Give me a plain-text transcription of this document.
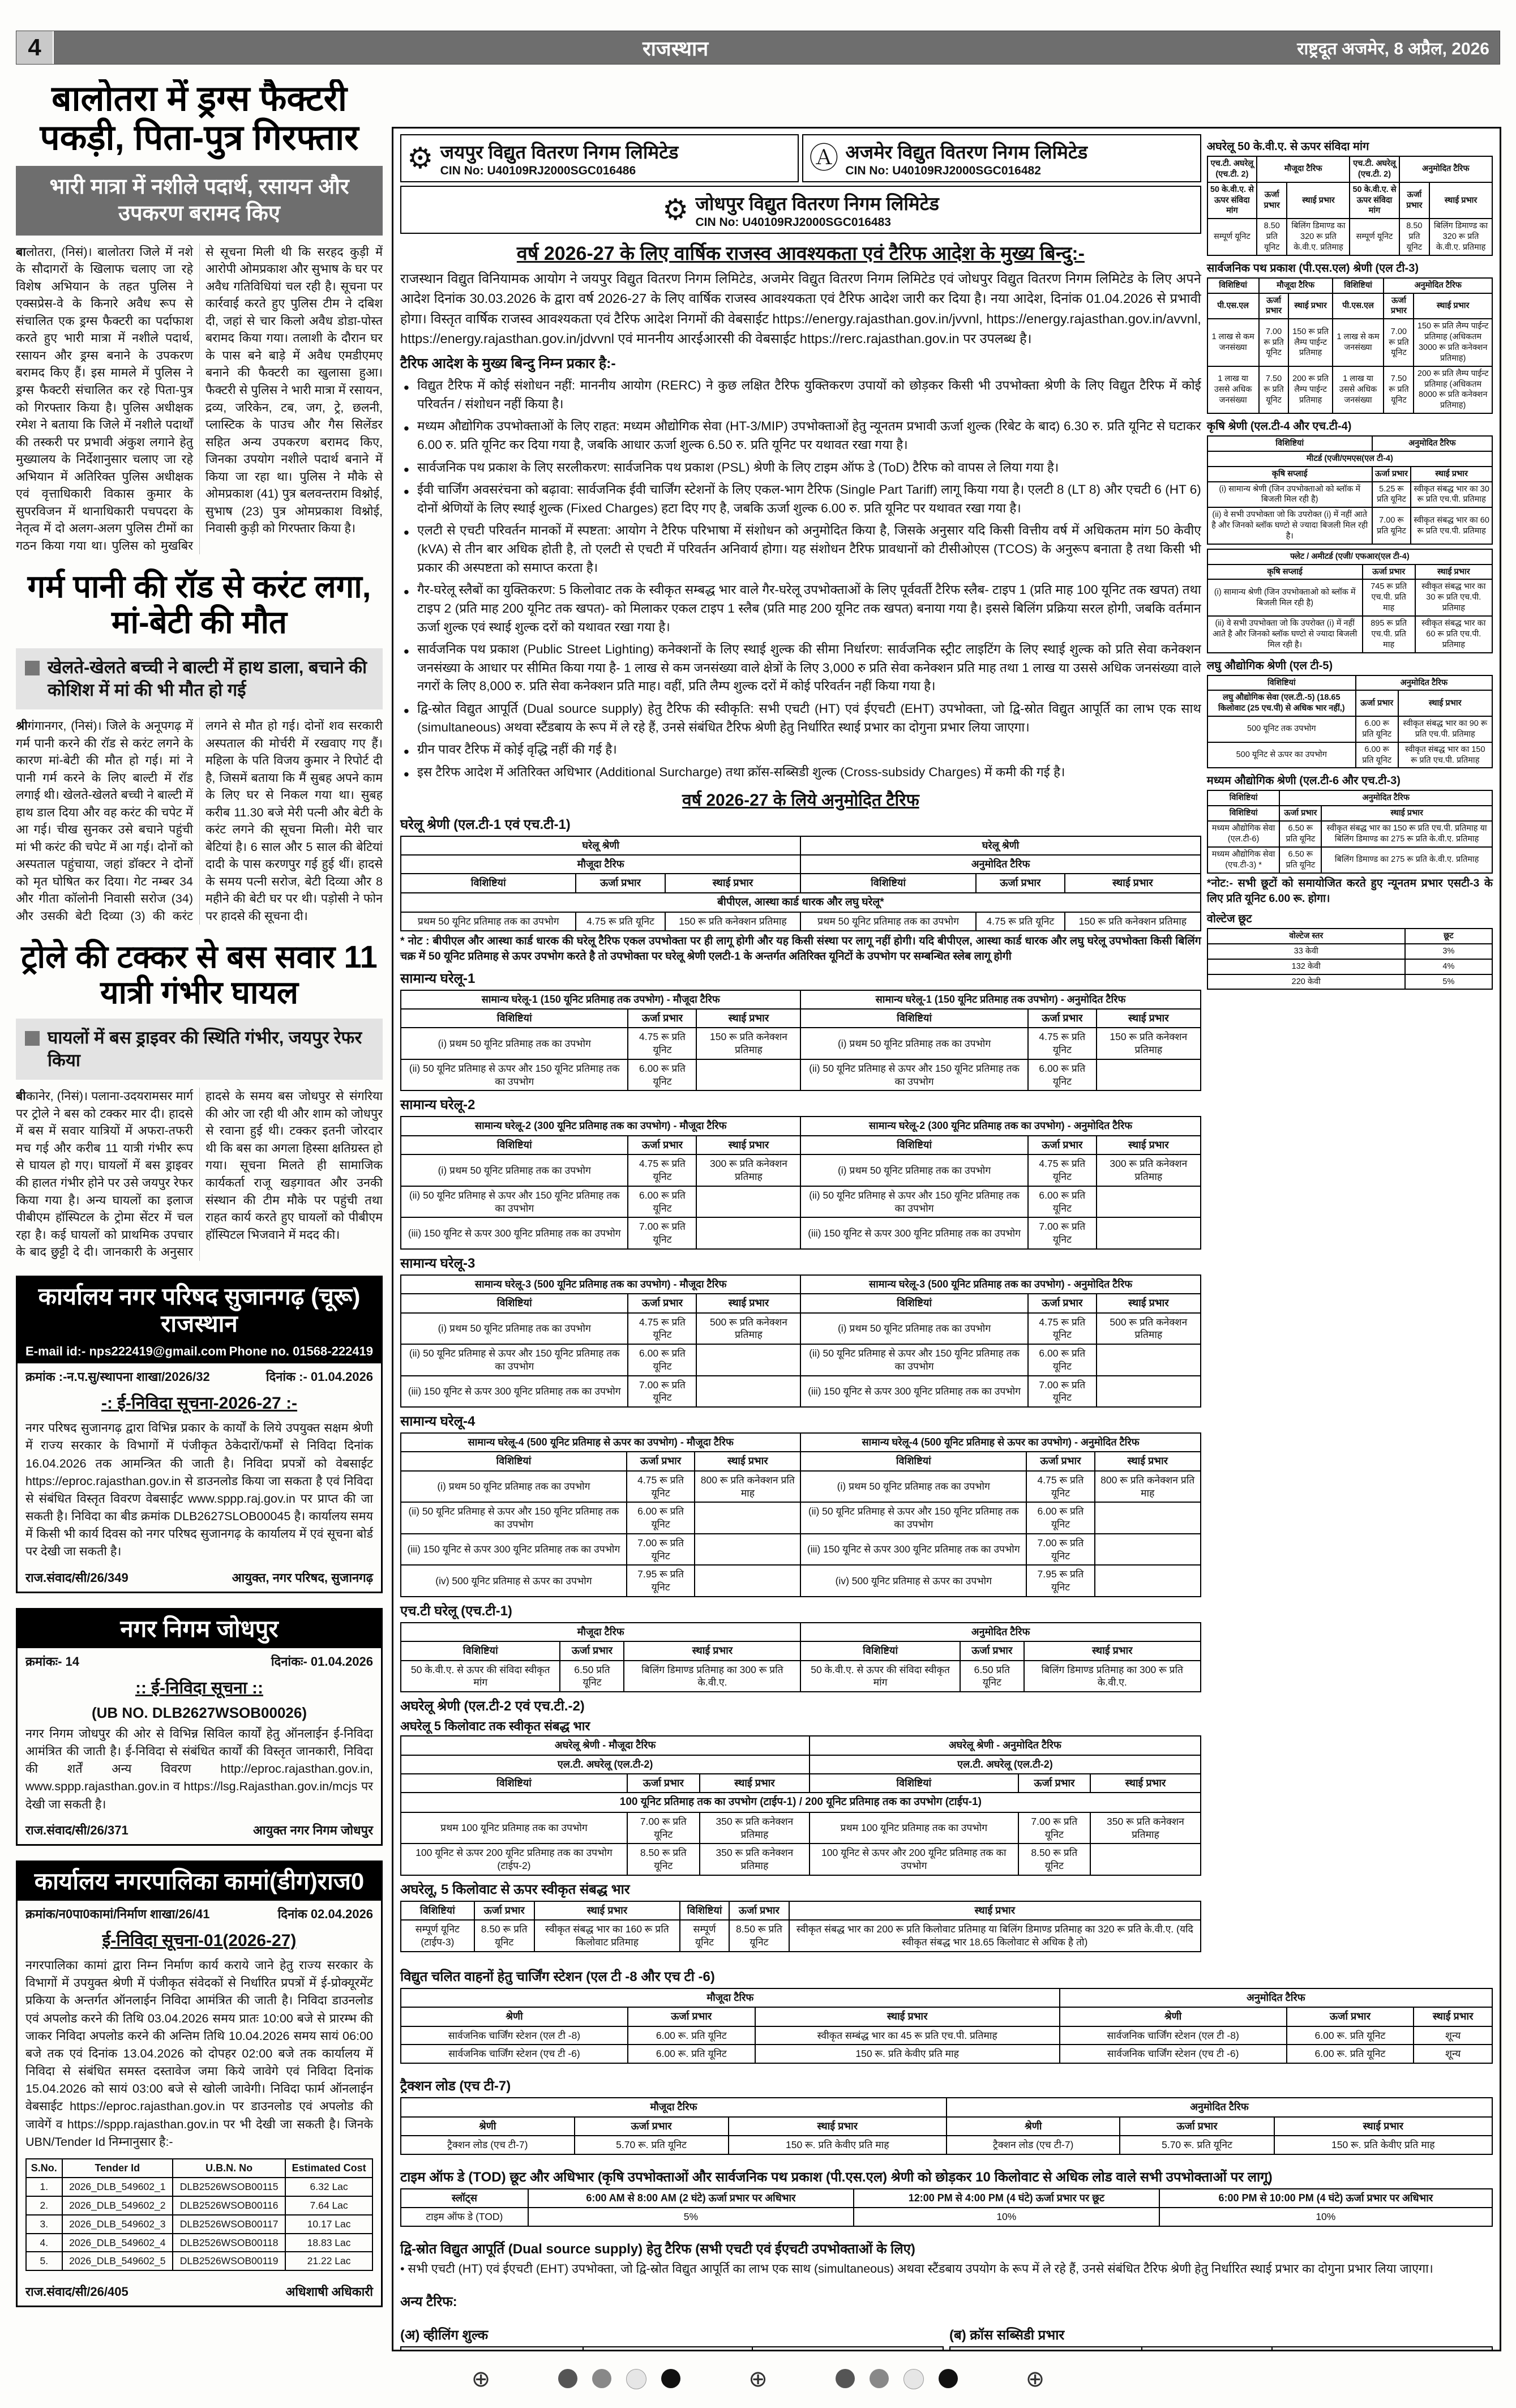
4	राजस्थान	राष्ट्रदूत अजमेर, 8 अप्रैल, 2026
बालोतरा में ड्रग्स फैक्टरी पकड़ी, पिता-पुत्र गिरफ्तार
भारी मात्रा में नशीले पदार्थ, रसायन और उपकरण बरामद किए
बालोतरा, (निसं)। बालोतरा जिले में नशे के सौदागरों के खिलाफ चलाए जा रहे विशेष अभियान के तहत पुलिस ने एक्सप्रेस-वे के किनारे अवैध रूप से संचालित एक ड्रग्स फैक्टरी का पर्दाफाश करते हुए भारी मात्रा में नशीले पदार्थ, रसायन और ड्रग्स बनाने के उपकरण बरामद किए हैं। इस मामले में पुलिस ने ड्रग्स फैक्टरी संचालित कर रहे पिता-पुत्र को गिरफ्तार किया है। पुलिस अधीक्षक रमेश ने बताया कि जिले में नशीले पदार्थों की तस्करी पर प्रभावी अंकुश लगाने हेतु मुख्यालय के निर्देशानुसार चलाए जा रहे अभियान में अतिरिक्त पुलिस अधीक्षक एवं वृत्ताधिकारी विकास कुमार के सुपरविजन में थानाधिकारी पचपदरा के नेतृत्व में दो अलग-अलग पुलिस टीमों का गठन किया गया था। पुलिस को मुखबिर से सूचना मिली थी कि सरहद कुड़ी में आरोपी ओमप्रकाश और सुभाष के घर पर अवैध गतिविधियां चल रही है। सूचना पर कार्रवाई करते हुए पुलिस टीम ने दबिश दी, जहां से चार किलो अवैध डोडा-पोस्त बरामद किया गया। तलाशी के दौरान घर के पास बने बाड़े में अवैध एमडीएमए बनाने की फैक्टरी का खुलासा हुआ। फैक्टरी से पुलिस ने भारी मात्रा में रसायन, द्रव्य, जरिकेन, टब, जग, ट्रे, छलनी, प्लास्टिक के पाउच और गैस सिलेंडर सहित अन्य उपकरण बरामद किए, जिनका उपयोग नशीले पदार्थ बनाने में किया जा रहा था। पुलिस ने मौके से ओमप्रकाश (41) पुत्र बलवन्तराम विश्नोई, सुभाष (23) पुत्र ओमप्रकाश विश्नोई, निवासी कुड़ी को गिरफ्तार किया है।
गर्म पानी की रॉड से करंट लगा, मां-बेटी की मौत
खेलते-खेलते बच्ची ने बाल्टी में हाथ डाला, बचाने की कोशिश में मां की भी मौत हो गई
श्रीगंगानगर, (निसं)। जिले के अनूपगढ़ में गर्म पानी करने की रॉड से करंट लगने के कारण मां-बेटी की मौत हो गई। मां ने पानी गर्म करने के लिए बाल्टी में रॉड लगाई थी। खेलते-खेलते बच्ची ने बाल्टी में हाथ डाल दिया और वह करंट की चपेट में आ गई। चीख सुनकर उसे बचाने पहुंची मां भी करंट की चपेट में आ गई। दोनों को अस्पताल पहुंचाया, जहां डॉक्टर ने दोनों को मृत घोषित कर दिया। गेट नम्बर 34 और गीता कॉलोनी निवासी सरोज (34) और उसकी बेटी दिव्या (3) की करंट लगने से मौत हो गई। दोनों शव सरकारी अस्पताल की मोर्चरी में रखवाए गए हैं। महिला के पति विजय कुमार ने रिपोर्ट दी है, जिसमें बताया कि मैं सुबह अपने काम के लिए घर से निकल गया था। सुबह करीब 11.30 बजे मेरी पत्नी और बेटी के करंट लगने की सूचना मिली। मेरी चार बेटियां है। 6 साल और 5 साल की बेटियां दादी के पास करणपुर गई हुई थीं। हादसे के समय पत्नी सरोज, बेटी दिव्या और 8 महीने की बेटी घर पर थी। पड़ोसी ने फोन पर हादसे की सूचना दी।
ट्रोले की टक्कर से बस सवार 11 यात्री गंभीर घायल
घायलों में बस ड्राइवर की स्थिति गंभीर, जयपुर रेफर किया
बीकानेर, (निसं)। पलाना-उदयरामसर मार्ग पर ट्रोले ने बस को टक्कर मार दी। हादसे में बस में सवार यात्रियों में अफरा-तफरी मच गई और करीब 11 यात्री गंभीर रूप से घायल हो गए। घायलों में बस ड्राइवर की हालत गंभीर होने पर उसे जयपुर रेफर किया गया है। अन्य घायलों का इलाज पीबीएम हॉस्पिटल के ट्रोमा सेंटर में चल रहा है। कई घायलों को प्राथमिक उपचार के बाद छुट्टी दे दी। जानकारी के अनुसार हादसे के समय बस जोधपुर से संगरिया की ओर जा रही थी और शाम को जोधपुर से रवाना हुई थी। टक्कर इतनी जोरदार थी कि बस का अगला हिस्सा क्षतिग्रस्त हो गया। सूचना मिलते ही सामाजिक कार्यकर्ता राजू खड़गावत और उनकी संस्थान की टीम मौके पर पहुंची तथा राहत कार्य करते हुए घायलों को पीबीएम हॉस्पिटल भिजवाने में मदद की।
कार्यालय नगर परिषद सुजानगढ़ (चूरू) राजस्थान
E-mail id:- nps222419@gmail.com Phone no. 01568-222419
क्रमांक :-न.प.सु/स्थापना शाखा/2026/32	दिनांक :- 01.04.2026
-: ई-निविदा सूचना-2026-27 :-
नगर परिषद सुजानगढ़ द्वारा विभिन्न प्रकार के कार्यों के लिये उपयुक्त सक्षम श्रेणी में राज्य सरकार के विभागों में पंजीकृत ठेकेदारों/फर्मों से निविदा दिनांक 16.04.2026 तक आमन्त्रित की जाती है। निविदा प्रपत्रों को वेबसाईट https://eproc.rajasthan.gov.in से डाउनलोड किया जा सकता है एवं निविदा से संबंधित विस्तृत विवरण वेबसाईट www.sppp.raj.gov.in पर प्राप्त की जा सकती है। निविदा का बीड क्रमांक DLB2627SLOB00045 है। कार्यालय समय में किसी भी कार्य दिवस को नगर परिषद सुजानगढ़ के कार्यालय में एवं सूचना बोर्ड पर देखी जा सकती है।
राज.संवाद/सी/26/349	आयुक्त, नगर परिषद, सुजानगढ़
नगर निगम जोधपुर
क्रमांकः- 14	दिनांकः- 01.04.2026
:: ई-निविदा सूचना ::
(UB NO. DLB2627WSOB00026)
नगर निगम जोधपुर की ओर से विभिन्न सिविल कार्यों हेतु ऑनलाईन ई-निविदा आमंत्रित की जाती है। ई-निविदा से संबंधित कार्यों की विस्तृत जानकारी, निविदा की शर्तें अन्य विवरण http://eproc.rajasthan.gov.in, www.sppp.rajasthan.gov.in व https://lsg.Rajasthan.gov.in/mcjs पर देखी जा सकती है।
राज.संवाद/सी/26/371	आयुक्त नगर निगम जोधपुर
कार्यालय नगरपालिका कामां(डीग)राज0
क्रमांक/न0पा0कामां/निर्माण शाखा/26/41	दिनांक 02.04.2026
ई-निविदा सूचना-01(2026-27)
नगरपालिका कामां द्वारा निम्न निर्माण कार्य कराये जाने हेतु राज्य सरकार के विभागों में उपयुक्त श्रेणी में पंजीकृत संवेदकों से निर्धारित प्रपत्रों में ई-प्रोक्यूरमेंट प्रकिया के अन्तर्गत ऑनलाईन निविदा आमंत्रित की जाती है। निविदा डाउनलोड एवं अपलोड करने की तिथि 03.04.2026 समय प्रातः 10:00 बजे से प्रारम्भ की जाकर निविदा अपलोड करने की अन्तिम तिथि 10.04.2026 समय सायं 06:00 बजे तक एवं दिनांक 13.04.2026 को दोपहर 02:00 बजे तक कार्यालय में निविदा से संबंधित समस्त दस्तावेज जमा किये जावेगे एवं निविदा दिनांक 15.04.2026 को सायं 03:00 बजे से खोली जावेगी। निविदा फार्म ऑनलाईन वेबसाईट https://eproc.rajasthan.gov.in पर डाउनलोड एवं अपलोड की जावेगें व https://sppp.rajasthan.gov.in पर भी देखी जा सकती है। जिनके UBN/Tender Id निम्नानुसार है:-
S.No.	Tender Id	U.B.N. No	Estimated Cost
1.	2026_DLB_549602_1	DLB2526WSOB00115	6.32 Lac
2.	2026_DLB_549602_2	DLB2526WSOB00116	7.64 Lac
3.	2026_DLB_549602_3	DLB2526WSOB00117	10.17 Lac
4.	2026_DLB_549602_4	DLB2526WSOB00118	18.83 Lac
5.	2026_DLB_549602_5	DLB2526WSOB00119	21.22 Lac
राज.संवाद/सी/26/405	अधिशाषी अधिकारी
⚙ जयपुर विद्युत वितरण निगम लिमिटेड
CIN No: U40109RJ2000SGC016486	Ⓐ अजमेर विद्युत वितरण निगम लिमिटेड
CIN No: U40109RJ2000SGC016482
⚙ जोधपुर विद्युत वितरण निगम लिमिटेड
CIN No: U40109RJ2000SGC016483
वर्ष 2026-27 के लिए वार्षिक राजस्व आवश्यकता एवं टैरिफ आदेश के मुख्य बिन्दु:-
राजस्थान विद्युत विनियामक आयोग ने जयपुर विद्युत वितरण निगम लिमिटेड, अजमेर विद्युत वितरण निगम लिमिटेड एवं जोधपुर विद्युत वितरण निगम लिमिटेड के लिए अपने आदेश दिनांक 30.03.2026 के द्वारा वर्ष 2026-27 के लिए वार्षिक राजस्व आवश्यकता एवं टैरिफ आदेश जारी कर दिया है। नया आदेश, दिनांक 01.04.2026 से प्रभावी होगा। विस्तृत वार्षिक राजस्व आवश्यकता एवं टैरिफ आदेश निगमों की वेबसाईट https://energy.rajasthan.gov.in/jvvnl, https://energy.rajasthan.gov.in/avvnl, https://energy.rajasthan.gov.in/jdvvnl एवं माननीय आरईआरसी की वेबसाईट https://rerc.rajasthan.gov.in पर उपलब्ध है।
टैरिफ आदेश के मुख्य बिन्दु निम्न प्रकार है:-
• विद्युत टैरिफ में कोई संशोधन नहीं: माननीय आयोग (RERC) ने कुछ लक्षित टैरिफ युक्तिकरण उपायों को छोड़कर किसी भी उपभोक्ता श्रेणी के लिए विद्युत टैरिफ में कोई परिवर्तन / संशोधन नहीं किया है।
• मध्यम औद्योगिक उपभोक्ताओं के लिए राहत: मध्यम औद्योगिक सेवा (HT-3/MIP) उपभोक्ताओं हेतु न्यूनतम प्रभावी ऊर्जा शुल्क (रिबेट के बाद) 6.30 रु. प्रति यूनिट से घटाकर 6.00 रु. प्रति यूनिट कर दिया गया है, जबकि आधार ऊर्जा शुल्क 6.50 रु. प्रति यूनिट पर यथावत रखा गया है।
• सार्वजनिक पथ प्रकाश के लिए सरलीकरण: सार्वजनिक पथ प्रकाश (PSL) श्रेणी के लिए टाइम ऑफ डे (ToD) टैरिफ को वापस ले लिया गया है।
• ईवी चार्जिंग अवसरंचना को बढ़ावा: सार्वजनिक ईवी चार्जिंग स्टेशनों के लिए एकल-भाग टैरिफ (Single Part Tariff) लागू किया गया है। एलटी 8 (LT 8) और एचटी 6 (HT 6) दोनों श्रेणियों के लिए स्थाई शुल्क (Fixed Charges) हटा दिए गए है, जबकि ऊर्जा शुल्क 6.00 रु. प्रति यूनिट पर यथावत रखा गया है।
• एलटी से एचटी परिवर्तन मानकों में स्पष्टता: आयोग ने टैरिफ परिभाषा में संशोधन को अनुमोदित किया है, जिसके अनुसार यदि किसी वित्तीय वर्ष में अधिकतम मांग 50 केवीए (kVA) से तीन बार अधिक होती है, तो एलटी से एचटी में परिवर्तन अनिवार्य होगा। यह संशोधन टैरिफ प्रावधानों को टीसीओएस (TCOS) के अनुरूप बनाता है तथा किसी भी प्रकार की अस्पष्टता को समाप्त करता है।
• गैर-घरेलू स्लैबों का युक्तिकरण: 5 किलोवाट तक के स्वीकृत सम्बद्ध भार वाले गैर-घरेलू उपभोक्ताओं के लिए पूर्ववर्ती टैरिफ स्लैब- टाइप 1 (प्रति माह 100 यूनिट तक खपत) तथा टाइप 2 (प्रति माह 200 यूनिट तक खपत)- को मिलाकर एकल टाइप 1 स्लैब (प्रति माह 200 यूनिट तक खपत) बनाया गया है। इससे बिलिंग प्रक्रिया सरल होगी, जबकि वर्तमान ऊर्जा शुल्क एवं स्थाई शुल्क दरों को यथावत रखा गया है।
• सार्वजनिक पथ प्रकाश (Public Street Lighting) कनेक्शनों के लिए स्थाई शुल्क की सीमा निर्धारण: सार्वजनिक स्ट्रीट लाइटिंग के लिए स्थाई शुल्क को प्रति सेवा कनेक्शन जनसंख्या के आधार पर सीमित किया गया है- 1 लाख से कम जनसंख्या वाले क्षेत्रों के लिए 3,000 रु प्रति सेवा कनेक्शन प्रति माह तथा 1 लाख या उससे अधिक जनसंख्या वाले नगरों के लिए 8,000 रु. प्रति सेवा कनेक्शन प्रति माह। वहीं, प्रति लैम्प शुल्क दरों में कोई परिवर्तन नहीं किया गया है।
• द्वि-स्रोत विद्युत आपूर्ति (Dual source supply) हेतु टैरिफ की स्वीकृति: सभी एचटी (HT) एवं ईएचटी (EHT) उपभोक्ता, जो द्वि-स्रोत विद्युत आपूर्ति का लाभ एक साथ (simultaneous) अथवा स्टैंडबाय के रूप में ले रहे हैं, उनसे संबंधित टैरिफ श्रेणी हेतु निर्धारित स्थाई प्रभार का दोगुना प्रभार लिया जाएगा।
• ग्रीन पावर टैरिफ में कोई वृद्धि नहीं की गई है।
• इस टैरिफ आदेश में अतिरिक्त अधिभार (Additional Surcharge) तथा क्रॉस-सब्सिडी शुल्क (Cross-subsidy Charges) में कमी की गई है।
वर्ष 2026-27 के लिये अनुमोदित टैरिफ
घरेलू श्रेणी (एल.टी-1 एवं एच.टी-1)
घरेलू श्रेणी			घरेलू श्रेणी		
मौजूदा टैरिफ			अनुमोदित टैरिफ		
विशिष्टियां	ऊर्जा प्रभार	स्थाई प्रभार	विशिष्टियां	ऊर्जा प्रभार	स्थाई प्रभार
बीपीएल, आस्था कार्ड धारक और लघु घरेलू*					
प्रथम 50 यूनिट प्रतिमाह तक का उपभोग	4.75 रू प्रति यूनिट	150 रू प्रति कनेक्शन प्रतिमाह	प्रथम 50 यूनिट प्रतिमाह तक का उपभोग	4.75 रू प्रति यूनिट	150 रू प्रति कनेक्शन प्रतिमाह
* नोट : बीपीएल और आस्था कार्ड धारक की घरेलू टैरिफ एकल उपभोक्ता पर ही लागू होगी और यह किसी संस्था पर लागू नहीं होगी। यदि बीपीएल, आस्था कार्ड धारक और लघु घरेलू उपभोक्ता किसी बिलिंग चक्र में 50 यूनिट प्रतिमाह से ऊपर उपभोग करते है तो उपभोक्ता पर घरेलू श्रेणी एलटी-1 के अन्तर्गत अतिरिक्त यूनिटों के उपभोग पर सम्बन्धित स्लेब लागू होगी
सामान्य घरेलू-1
सामान्य घरेलू-1 (150 यूनिट प्रतिमाह तक उपभोग) - मौजूदा टैरिफ			सामान्य घरेलू-1 (150 यूनिट प्रतिमाह तक उपभोग) - अनुमोदित टैरिफ		
विशिष्टियां	ऊर्जा प्रभार	स्थाई प्रभार	विशिष्टियां	ऊर्जा प्रभार	स्थाई प्रभार
(i) प्रथम 50 यूनिट प्रतिमाह तक का उपभोग	4.75 रू प्रति यूनिट	150 रू प्रति कनेक्शन प्रतिमाह	(i) प्रथम 50 यूनिट प्रतिमाह तक का उपभोग	4.75 रू प्रति यूनिट	150 रू प्रति कनेक्शन प्रतिमाह
(ii) 50 यूनिट प्रतिमाह से ऊपर और 150 यूनिट प्रतिमाह तक का उपभोग	6.00 रू प्रति यूनिट		(ii) 50 यूनिट प्रतिमाह से ऊपर और 150 यूनिट प्रतिमाह तक का उपभोग	6.00 रू प्रति यूनिट	
सामान्य घरेलू-2
सामान्य घरेलू-2 (300 यूनिट प्रतिमाह तक का उपभोग) - मौजूदा टैरिफ			सामान्य घरेलू-2 (300 यूनिट प्रतिमाह तक का उपभोग) - अनुमोदित टैरिफ		
विशिष्टियां	ऊर्जा प्रभार	स्थाई प्रभार	विशिष्टियां	ऊर्जा प्रभार	स्थाई प्रभार
(i) प्रथम 50 यूनिट प्रतिमाह तक का उपभोग	4.75 रू प्रति यूनिट	300 रू प्रति कनेक्शन प्रतिमाह	(i) प्रथम 50 यूनिट प्रतिमाह तक का उपभोग	4.75 रू प्रति यूनिट	300 रू प्रति कनेक्शन प्रतिमाह
(ii) 50 यूनिट प्रतिमाह से ऊपर और 150 यूनिट प्रतिमाह तक का उपभोग	6.00 रू प्रति यूनिट		(ii) 50 यूनिट प्रतिमाह से ऊपर और 150 यूनिट प्रतिमाह तक का उपभोग	6.00 रू प्रति यूनिट	
(iii) 150 यूनिट से ऊपर 300 यूनिट प्रतिमाह तक का उपभोग	7.00 रू प्रति यूनिट		(iii) 150 यूनिट से ऊपर 300 यूनिट प्रतिमाह तक का उपभोग	7.00 रू प्रति यूनिट	
सामान्य घरेलू-3
सामान्य घरेलू-3 (500 यूनिट प्रतिमाह तक का उपभोग) - मौजूदा टैरिफ			सामान्य घरेलू-3 (500 यूनिट प्रतिमाह तक का उपभोग) - अनुमोदित टैरिफ		
विशिष्टियां	ऊर्जा प्रभार	स्थाई प्रभार	विशिष्टियां	ऊर्जा प्रभार	स्थाई प्रभार
(i) प्रथम 50 यूनिट प्रतिमाह तक का उपभोग	4.75 रू प्रति यूनिट	500 रू प्रति कनेक्शन प्रतिमाह	(i) प्रथम 50 यूनिट प्रतिमाह तक का उपभोग	4.75 रू प्रति यूनिट	500 रू प्रति कनेक्शन प्रतिमाह
(ii) 50 यूनिट प्रतिमाह से ऊपर और 150 यूनिट प्रतिमाह तक का उपभोग	6.00 रू प्रति यूनिट		(ii) 50 यूनिट प्रतिमाह से ऊपर और 150 यूनिट प्रतिमाह तक का उपभोग	6.00 रू प्रति यूनिट	
(iii) 150 यूनिट से ऊपर 300 यूनिट प्रतिमाह तक का उपभोग	7.00 रू प्रति यूनिट		(iii) 150 यूनिट से ऊपर 300 यूनिट प्रतिमाह तक का उपभोग	7.00 रू प्रति यूनिट	
सामान्य घरेलू-4
सामान्य घरेलू-4 (500 यूनिट प्रतिमाह से ऊपर का उपभोग) - मौजूदा टैरिफ			सामान्य घरेलू-4 (500 यूनिट प्रतिमाह से ऊपर का उपभोग) - अनुमोदित टैरिफ		
विशिष्टियां	ऊर्जा प्रभार	स्थाई प्रभार	विशिष्टियां	ऊर्जा प्रभार	स्थाई प्रभार
(i) प्रथम 50 यूनिट प्रतिमाह तक का उपभोग	4.75 रू प्रति यूनिट	800 रू प्रति कनेक्शन प्रति माह	(i) प्रथम 50 यूनिट प्रतिमाह तक का उपभोग	4.75 रू प्रति यूनिट	800 रू प्रति कनेक्शन प्रति माह
(ii) 50 यूनिट प्रतिमाह से ऊपर और 150 यूनिट प्रतिमाह तक का उपभोग	6.00 रू प्रति यूनिट		(ii) 50 यूनिट प्रतिमाह से ऊपर और 150 यूनिट प्रतिमाह तक का उपभोग	6.00 रू प्रति यूनिट	
(iii) 150 यूनिट से ऊपर 300 यूनिट प्रतिमाह तक का उपभोग	7.00 रू प्रति यूनिट		(iii) 150 यूनिट से ऊपर 300 यूनिट प्रतिमाह तक का उपभोग	7.00 रू प्रति यूनिट	
(iv) 500 यूनिट प्रतिमाह से ऊपर का उपभोग	7.95 रू प्रति यूनिट		(iv) 500 यूनिट प्रतिमाह से ऊपर का उपभोग	7.95 रू प्रति यूनिट	
एच.टी घरेलू (एच.टी-1)
मौजूदा टैरिफ			अनुमोदित टैरिफ		
विशिष्टियां	ऊर्जा प्रभार	स्थाई प्रभार	विशिष्टियां	ऊर्जा प्रभार	स्थाई प्रभार
50 के.वी.ए. से ऊपर की संविदा स्वीकृत मांग	6.50 प्रति यूनिट	बिलिंग डिमाण्ड प्रतिमाह का 300 रू प्रति के.वी.ए.	50 के.वी.ए. से ऊपर की संविदा स्वीकृत मांग	6.50 प्रति यूनिट	बिलिंग डिमाण्ड प्रतिमाह का 300 रू प्रति के.वी.ए.
अघरेलू श्रेणी (एल.टी-2 एवं एच.टी.-2)
अघरेलू 5 किलोवाट तक स्वीकृत संबद्ध भार
अघरेलू श्रेणी - मौजूदा टैरिफ			अघरेलू श्रेणी - अनुमोदित टैरिफ		
एल.टी. अघरेलू (एल.टी-2)			एल.टी. अघरेलू (एल.टी-2)		
विशिष्टियां	ऊर्जा प्रभार	स्थाई प्रभार	विशिष्टियां	ऊर्जा प्रभार	स्थाई प्रभार
100 यूनिट प्रतिमाह तक का उपभोग (टाईप-1) / 200 यूनिट प्रतिमाह तक का उपभोग (टाईप-1)					
प्रथम 100 यूनिट प्रतिमाह तक का उपभोग	7.00 रू प्रति यूनिट	350 रू प्रति कनेक्शन प्रतिमाह	प्रथम 100 यूनिट प्रतिमाह तक का उपभोग	7.00 रू प्रति यूनिट	350 रू प्रति कनेक्शन प्रतिमाह
100 यूनिट से ऊपर 200 यूनिट प्रतिमाह तक का उपभोग (टाईप-2)	8.50 रू प्रति यूनिट	350 रू प्रति कनेक्शन प्रतिमाह	100 यूनिट से ऊपर और 200 यूनिट प्रतिमाह तक का उपभोग	8.50 रू प्रति यूनिट	
अघरेलू, 5 किलोवाट से ऊपर स्वीकृत संबद्ध भार
विशिष्टियां	ऊर्जा प्रभार	स्थाई प्रभार	विशिष्टियां	ऊर्जा प्रभार	स्थाई प्रभार
सम्पूर्ण यूनिट (टाईप-3)	8.50 रू प्रति यूनिट	स्वीकृत संबद्ध भार का 160 रू प्रति किलोवाट प्रतिमाह	सम्पूर्ण यूनिट	8.50 रू प्रति यूनिट	स्वीकृत संबद्ध भार का 200 रू प्रति किलोवाट प्रतिमाह या बिलिंग डिमाण्ड प्रतिमाह का 320 रू प्रति के.वी.ए. (यदि स्वीकृत संबद्ध भार 18.65 किलोवाट से अधिक है तो)
अघरेलू 50 के.वी.ए. से ऊपर संविदा मांग
एच.टी. अघरेलू (एच.टी. 2)	मौजूदा टैरिफ		एच.टी. अघरेलू (एच.टी. 2)	अनुमोदित टैरिफ	
50 के.वी.ए. से ऊपर संविदा मांग	ऊर्जा प्रभार	स्थाई प्रभार	50 के.वी.ए. से ऊपर संविदा मांग	ऊर्जा प्रभार	स्थाई प्रभार
सम्पूर्ण यूनिट	8.50 प्रति यूनिट	बिलिंग डिमाण्ड का 320 रू प्रति के.वी.ए. प्रतिमाह	सम्पूर्ण यूनिट	8.50 प्रति यूनिट	बिलिंग डिमाण्ड का 320 रू प्रति के.वी.ए. प्रतिमाह
सार्वजनिक पथ प्रकाश (पी.एस.एल) श्रेणी (एल टी-3)
विशिष्टियां	मौजूदा टैरिफ		विशिष्टियां	अनुमोदित टैरिफ	
पी.एस.एल	ऊर्जा प्रभार	स्थाई प्रभार	पी.एस.एल	ऊर्जा प्रभार	स्थाई प्रभार
1 लाख से कम जनसंख्या	7.00 रू प्रति यूनिट	150 रू प्रति लैम्प पाईन्ट प्रतिमाह	1 लाख से कम जनसंख्या	7.00 रू प्रति यूनिट	150 रू प्रति लैम्प पाईन्ट प्रतिमाह (अधिकतम 3000 रू प्रति कनेक्शन प्रतिमाह)
1 लाख या उससे अधिक जनसंख्या	7.50 रू प्रति यूनिट	200 रू प्रति लैम्प पाईन्ट प्रतिमाह	1 लाख या उससे अधिक जनसंख्या	7.50 रू प्रति यूनिट	200 रू प्रति लैम्प पाईन्ट प्रतिमाह (अधिकतम 8000 रू प्रति कनेक्शन प्रतिमाह)
कृषि श्रेणी (एल.टी-4 और एच.टी-4)
विशिष्टियां	अनुमोदित टैरिफ	
मीटर्ड (एजी/एमएस(एल टी-4)		
कृषि सप्लाई	ऊर्जा प्रभार	स्थाई प्रभार
(i) सामान्य श्रेणी (जिन उपभोक्ताओ को ब्लॉक में बिजली मिल रही है)	5.25 रू प्रति यूनिट	स्वीकृत संबद्ध भार का 30 रू प्रति एच.पी. प्रतिमाह
(ii) वे सभी उपभोक्ता जो कि उपरोक्त (i) में नहीं आते है और जिनको ब्लॉक घण्टो से ज्यादा बिजली मिल रही है।	7.00 रू प्रति यूनिट	स्वीकृत संबद्ध भार का 60 रू प्रति एच.पी. प्रतिमाह
फ्लेट / अमीटर्ड (एजी/ एफआर(एल टी-4)		
कृषि सप्लाई	ऊर्जा प्रभार	स्थाई प्रभार
(i) सामान्य श्रेणी (जिन उपभोक्ताओ को ब्लॉक में बिजली मिल रही है)	745 रू प्रति एच.पी. प्रति माह	स्वीकृत संबद्ध भार का 30 रू प्रति एच.पी. प्रतिमाह
(ii) वे सभी उपभोक्ता जो कि उपरोक्त (i) में नहीं आते है और जिनको ब्लॉक घण्टो से ज्यादा बिजली मिल रही है।	895 रू प्रति एच.पी. प्रति माह	स्वीकृत संबद्ध भार का 60 रू प्रति एच.पी. प्रतिमाह
लघु औद्योगिक श्रेणी (एल टी-5)
विशिष्टियां	अनुमोदित टैरिफ	
लघु औद्योगिक सेवा (एल.टी.-5) (18.65 किलोवाट (25 एच.पी) से अधिक भार नहीं,)	ऊर्जा प्रभार	स्थाई प्रभार
500 यूनिट तक उपभोग	6.00 रू प्रति यूनिट	स्वीकृत संबद्ध भार का 90 रू प्रति एच.पी. प्रतिमाह
500 यूनिट से ऊपर का उपभोग	6.00 रू प्रति यूनिट	स्वीकृत संबद्ध भार का 150 रू प्रति एच.पी. प्रतिमाह
मध्यम औद्योगिक श्रेणी (एल.टी-6 और एच.टी-3)
विशिष्टियां	अनुमोदित टैरिफ	
विशिष्टियां	ऊर्जा प्रभार	स्थाई प्रभार
मध्यम औद्योगिक सेवा (एल.टी-6)	6.50 रू प्रति यूनिट	स्वीकृत संबद्ध भार का 150 रू प्रति एच.पी. प्रतिमाह या बिलिंग डिमाण्ड का 275 रू प्रति के.वी.ए. प्रतिमाह
मध्यम औद्योगिक सेवा (एच.टी-3) *	6.50 रू प्रति यूनिट	बिलिंग डिमाण्ड का 275 रू प्रति के.वी.ए. प्रतिमाह
*नोट:- सभी छूटों को समायोजित करते हुए न्यूनतम प्रभार एसटी-3 के लिए प्रति यूनिट 6.00 रू. होगा।
वोल्टेज छूट
वोल्टेज स्तर	छूट
33 केवी	3%
132 केवी	4%
220 केवी	5%
विद्युत चलित वाहनों हेतु चार्जिंग स्टेशन (एल टी -8 और एच टी -6)
मौजूदा टैरिफ			अनुमोदित टैरिफ		
श्रेणी	ऊर्जा प्रभार	स्थाई प्रभार	श्रेणी	ऊर्जा प्रभार	स्थाई प्रभार
सार्वजनिक चार्जिंग स्टेशन (एल टी -8)	6.00 रू. प्रति यूनिट	स्वीकृत सम्बंद्ध भार का 45 रू प्रति एच.पी. प्रतिमाह	सार्वजनिक चार्जिंग स्टेशन (एल टी -8)	6.00 रू. प्रति यूनिट	शून्य
सार्वजनिक चार्जिंग स्टेशन (एच टी -6)	6.00 रू. प्रति यूनिट	150 रू. प्रति केवीए प्रति माह	सार्वजनिक चार्जिंग स्टेशन (एच टी -6)	6.00 रू. प्रति यूनिट	शून्य
ट्रैक्शन लोड (एच टी-7)
मौजूदा टैरिफ			अनुमोदित टैरिफ		
श्रेणी	ऊर्जा प्रभार	स्थाई प्रभार	श्रेणी	ऊर्जा प्रभार	स्थाई प्रभार
ट्रैक्शन लोड (एच टी-7)	5.70 रू. प्रति यूनिट	150 रू. प्रति केवीए प्रति माह	ट्रैक्शन लोड (एच टी-7)	5.70 रू. प्रति यूनिट	150 रू. प्रति केवीए प्रति माह
टाइम ऑफ डे (TOD) छूट और अधिभार (कृषि उपभोक्ताओं और सार्वजनिक पथ प्रकाश (पी.एस.एल) श्रेणी को छोड़कर 10 किलोवाट से अधिक लोड वाले सभी उपभोक्ताओं पर लागू)
स्लॉट्स	6:00 AM से 8:00 AM (2 घंटे) ऊर्जा प्रभार पर अधिभार	12:00 PM से 4:00 PM (4 घंटे) ऊर्जा प्रभार पर छूट	6:00 PM से 10:00 PM (4 घंटे) ऊर्जा प्रभार पर अधिभार
टाइम ऑफ डे (TOD)	5%	10%	10%
द्वि-स्रोत विद्युत आपूर्ति (Dual source supply) हेतु टैरिफ (सभी एचटी एवं ईएचटी उपभोक्ताओं के लिए)
• सभी एचटी (HT) एवं ईएचटी (EHT) उपभोक्ता, जो द्वि-स्रोत विद्युत आपूर्ति का लाभ एक साथ (simultaneous) अथवा स्टैंडबाय उपयोग के रूप में ले रहे हैं, उनसे संबंधित टैरिफ श्रेणी हेतु निर्धारित स्थाई प्रभार का दोगुना प्रभार लिया जाएगा।
अन्य टैरिफ:
(अ) व्हीलिंग शुल्क

			(ब) क्रॉस सब्सिडी प्रभार

⊕	⊕	⊕
